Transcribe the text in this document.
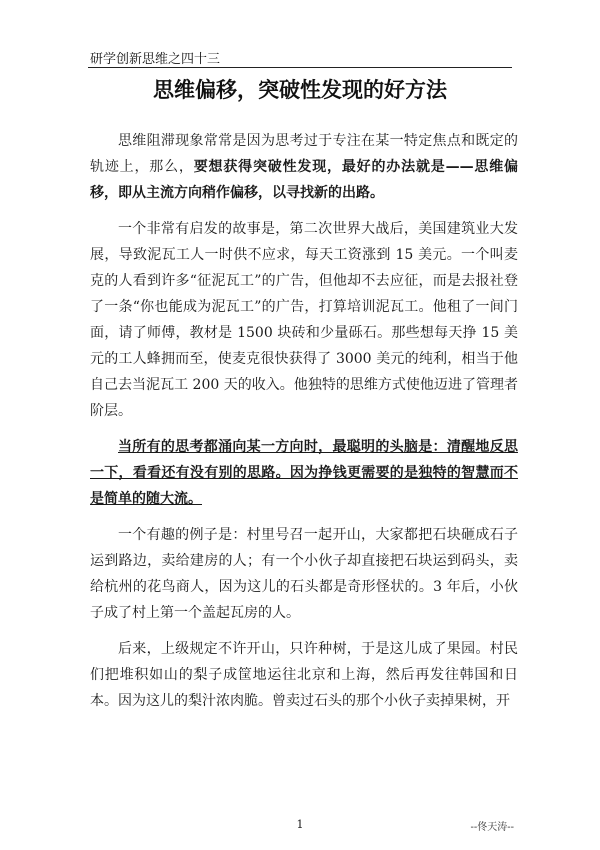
研学创新思维之四十三
思维偏移，突破性发现的好方法

思维阻滞现象常常是因为思考过于专注在某一特定焦点和既定的轨迹上，那么，要想获得突破性发现，最好的办法就是——思维偏移，即从主流方向稍作偏移，以寻找新的出路。

一个非常有启发的故事是，第二次世界大战后，美国建筑业大发展，导致泥瓦工人一时供不应求，每天工资涨到 15 美元。一个叫麦克的人看到许多“征泥瓦工”的广告，但他却不去应征，而是去报社登了一条“你也能成为泥瓦工”的广告，打算培训泥瓦工。他租了一间门面，请了师傅，教材是 1500 块砖和少量砾石。那些想每天挣 15 美元的工人蜂拥而至，使麦克很快获得了 3000 美元的纯利，相当于他自己去当泥瓦工 200 天的收入。他独特的思维方式使他迈进了管理者阶层。

当所有的思考都涌向某一方向时，最聪明的头脑是：清醒地反思一下，看看还有没有别的思路。因为挣钱更需要的是独特的智慧而不是简单的随大流。

一个有趣的例子是：村里号召一起开山，大家都把石块砸成石子运到路边，卖给建房的人；有一个小伙子却直接把石块运到码头，卖给杭州的花鸟商人，因为这儿的石头都是奇形怪状的。3 年后，小伙子成了村上第一个盖起瓦房的人。

后来，上级规定不许开山，只许种树，于是这儿成了果园。村民们把堆积如山的梨子成筐地运往北京和上海，然后再发往韩国和日本。因为这儿的梨汁浓肉脆。曾卖过石头的那个小伙子卖掉果树，开

1	--佟天涛--
